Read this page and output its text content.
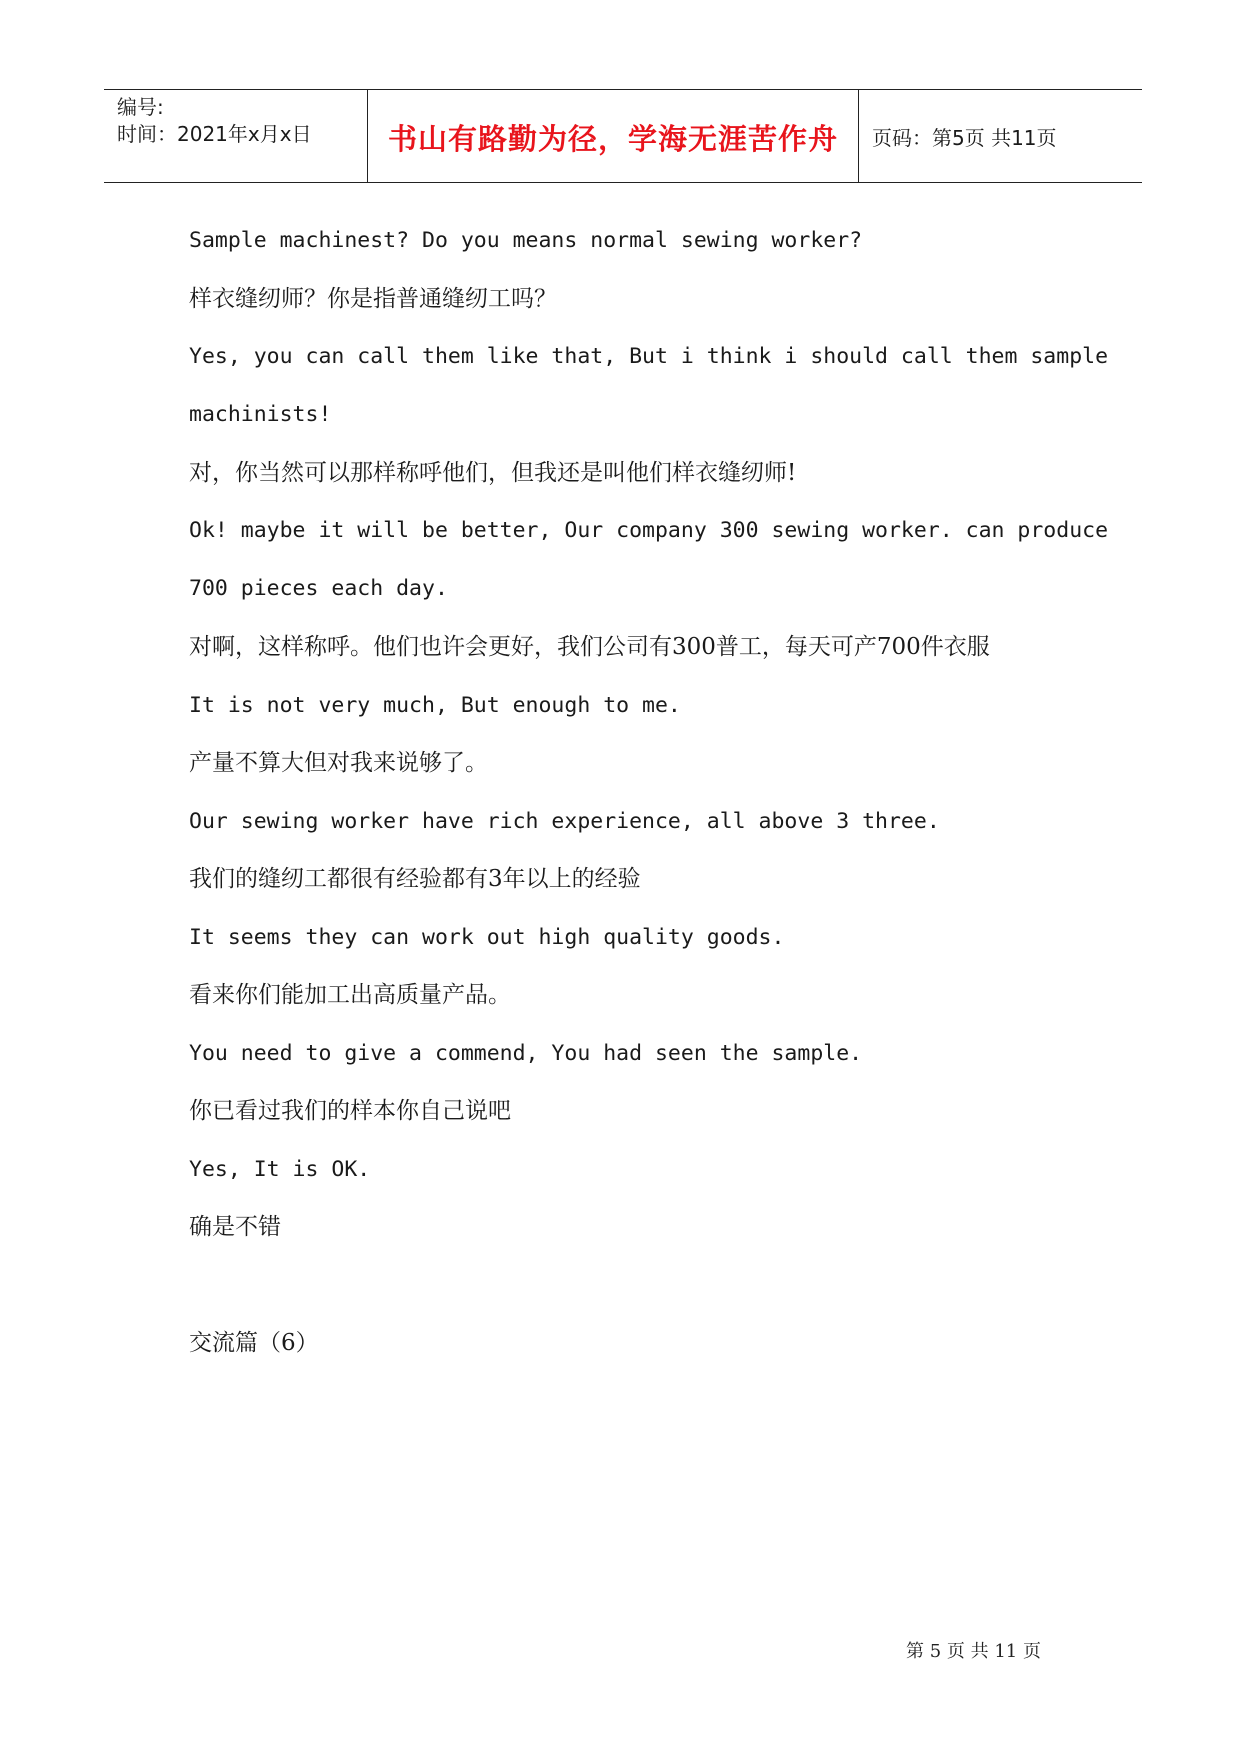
编号:
时间：2021年x月x日	书山有路勤为径，学海无涯苦作舟 页码：第5页 共11页
Sample machinest? Do you means normal sewing worker?
样衣缝纫师？你是指普通缝纫工吗？
Yes, you can call them like that, But i think i should call them sample
machinists!
对，你当然可以那样称呼他们，但我还是叫他们样衣缝纫师!
Ok! maybe it will be better, Our company 300 sewing worker. can produce
700 pieces each day.
对啊，这样称呼。他们也许会更好，我们公司有300普工，每天可产700件衣服
It is not very much, But enough to me.
产量不算大但对我来说够了。
Our sewing worker have rich experience, all above 3 three.
我们的缝纫工都很有经验都有3年以上的经验
It seems they can work out high quality goods.
看来你们能加工出高质量产品。
You need to give a commend, You had seen the sample.
你已看过我们的样本你自己说吧
Yes, It is OK.
确是不错
交流篇（6）
第 5 页 共 11 页
